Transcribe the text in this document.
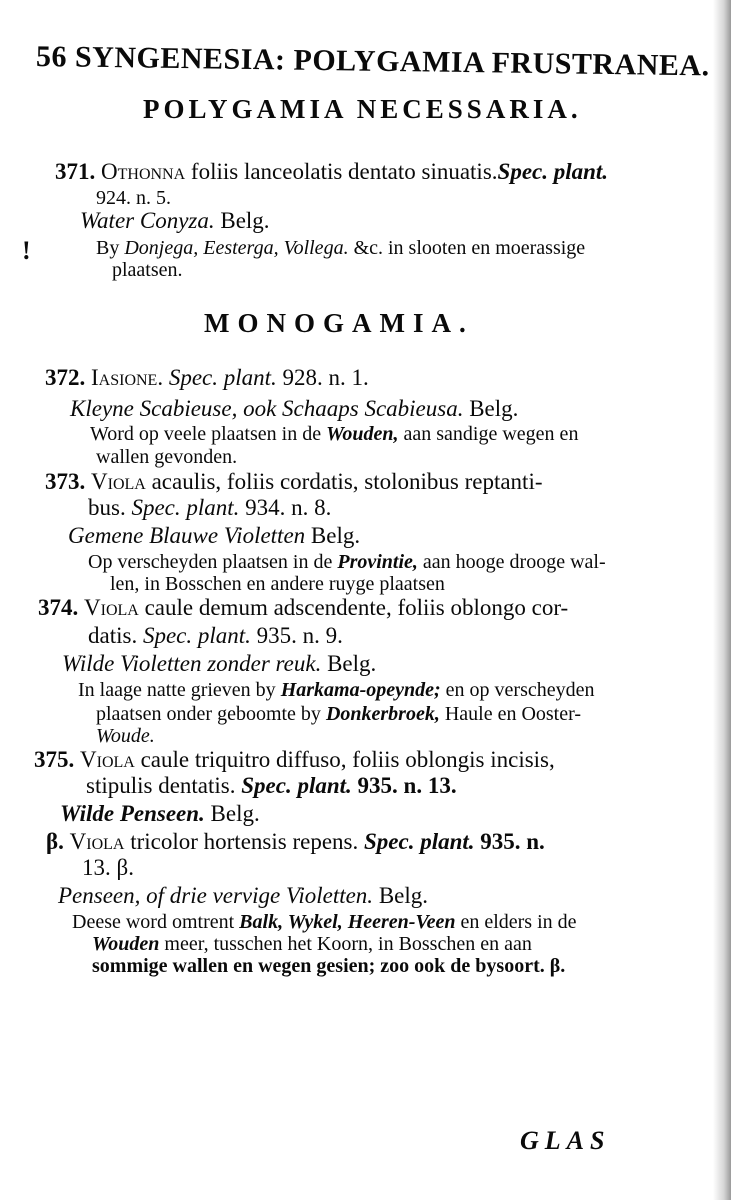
56 SYNGENESIA: POLYGAMIA FRUSTRANEA.
POLYGAMIA NECESSARIA.
MONOGAMIA.
!
371. Othonna foliis lanceolatis dentato sinuatis.Spec. plant.
924. n. 5.
Water Conyza. Belg.
By Donjega, Eesterga, Vollega. &c. in slooten en moerassige
plaatsen.
372. Iasione. Spec. plant. 928. n. 1.
Kleyne Scabieuse, ook Schaaps Scabieusa. Belg.
Word op veele plaatsen in de Wouden, aan sandige wegen en
wallen gevonden.
373. Viola acaulis, foliis cordatis, stolonibus reptanti-
bus. Spec. plant. 934. n. 8.
Gemene Blauwe Violetten Belg.
Op verscheyden plaatsen in de Provintie, aan hooge drooge wal-
len, in Bosschen en andere ruyge plaatsen
374. Viola caule demum adscendente, foliis oblongo cor-
datis. Spec. plant. 935. n. 9.
Wilde Violetten zonder reuk. Belg.
In laage natte grieven by Harkama-opeynde; en op verscheyden
plaatsen onder geboomte by Donkerbroek, Haule en Ooster-
Woude.
375. Viola caule triquitro diffuso, foliis oblongis incisis,
stipulis dentatis. Spec. plant. 935. n. 13.
Wilde Penseen. Belg.
β. Viola tricolor hortensis repens. Spec. plant. 935. n.
13. β.
Penseen, of drie vervige Violetten. Belg.
Deese word omtrent Balk, Wykel, Heeren-Veen en elders in de
Wouden meer, tusschen het Koorn, in Bosschen en aan
sommige wallen en wegen gesien; zoo ook de bysoort. β.
GLAS
